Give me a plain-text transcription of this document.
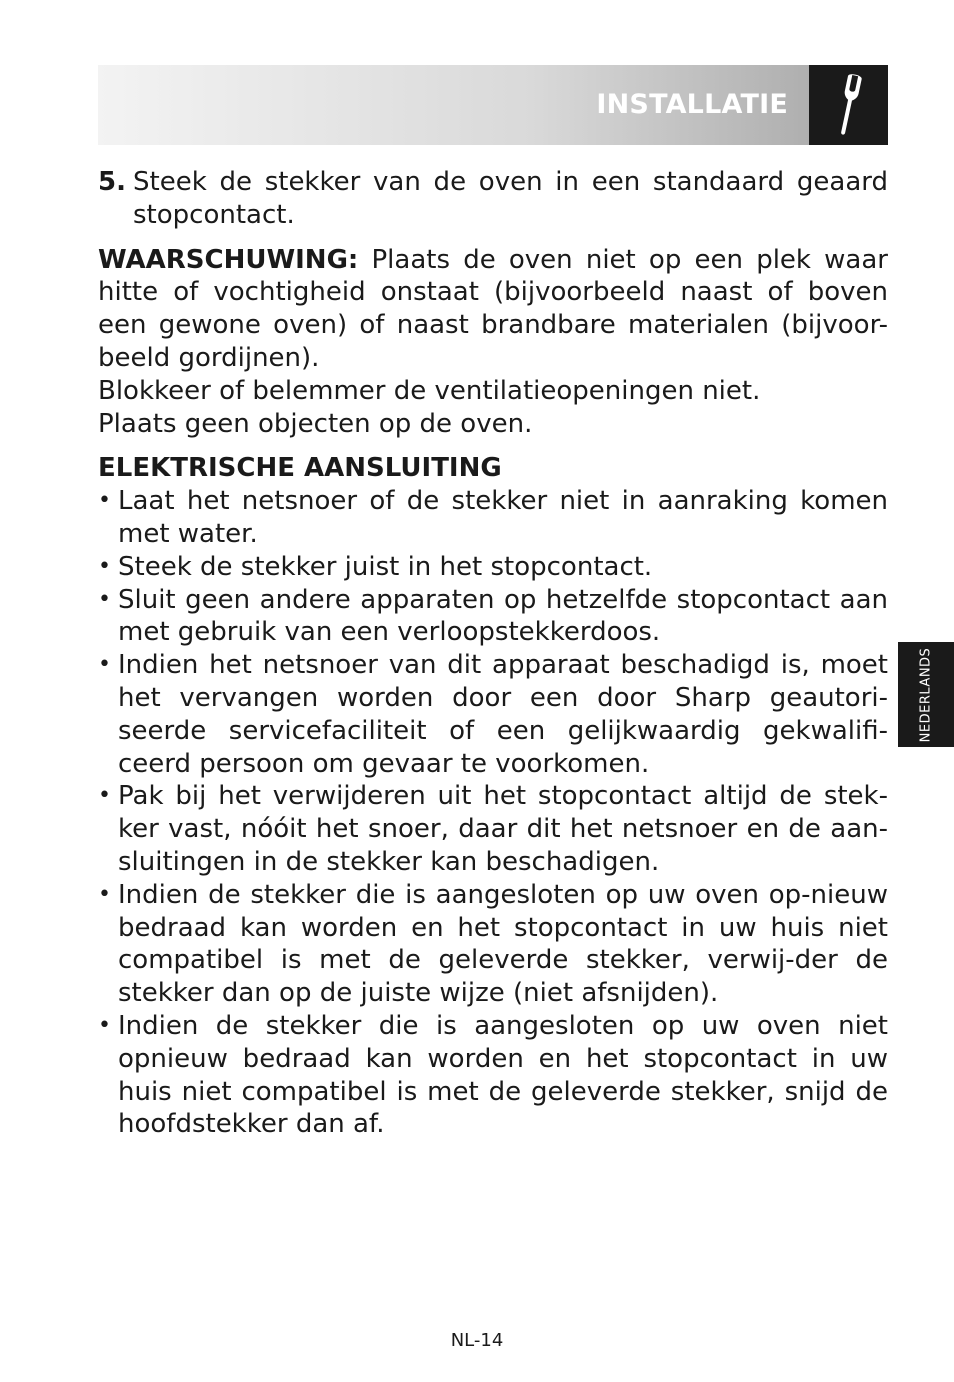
INSTALLATIE
5. Steek de stekker van de oven in een standaard geaard stopcontact.

WAARSCHUWING: Plaats de oven niet op een plek waar hitte of vochtigheid onstaat (bijvoorbeeld naast of boven een gewone oven) of naast brandbare materialen (bijvoor-beeld gordijnen).

Blokkeer of belemmer de ventilatieopeningen niet.

Plaats geen objecten op de oven.

ELEKTRISCHE AANSLUITING

• Laat het netsnoer of de stekker niet in aanraking komen met water.
• Steek de stekker juist in het stopcontact.
• Sluit geen andere apparaten op hetzelfde stopcontact aan met gebruik van een verloopstekkerdoos.
• Indien het netsnoer van dit apparaat beschadigd is, moet het vervangen worden door een door Sharp geautori-seerde servicefaciliteit of een gelijkwaardig gekwalifi-ceerd persoon om gevaar te voorkomen.
• Pak bij het verwijderen uit het stopcontact altijd de stek-ker vast, nóóit het snoer, daar dit het netsnoer en de aan-sluitingen in de stekker kan beschadigen.
• Indien de stekker die is aangesloten op uw oven op-nieuw bedraad kan worden en het stopcontact in uw huis niet compatibel is met de geleverde stekker, verwij-der de stekker dan op de juiste wijze (niet afsnijden).
• Indien de stekker die is aangesloten op uw oven niet opnieuw bedraad kan worden en het stopcontact in uw huis niet compatibel is met de geleverde stekker, snijd de hoofdstekker dan af.
NEDERLANDS
NL-14
